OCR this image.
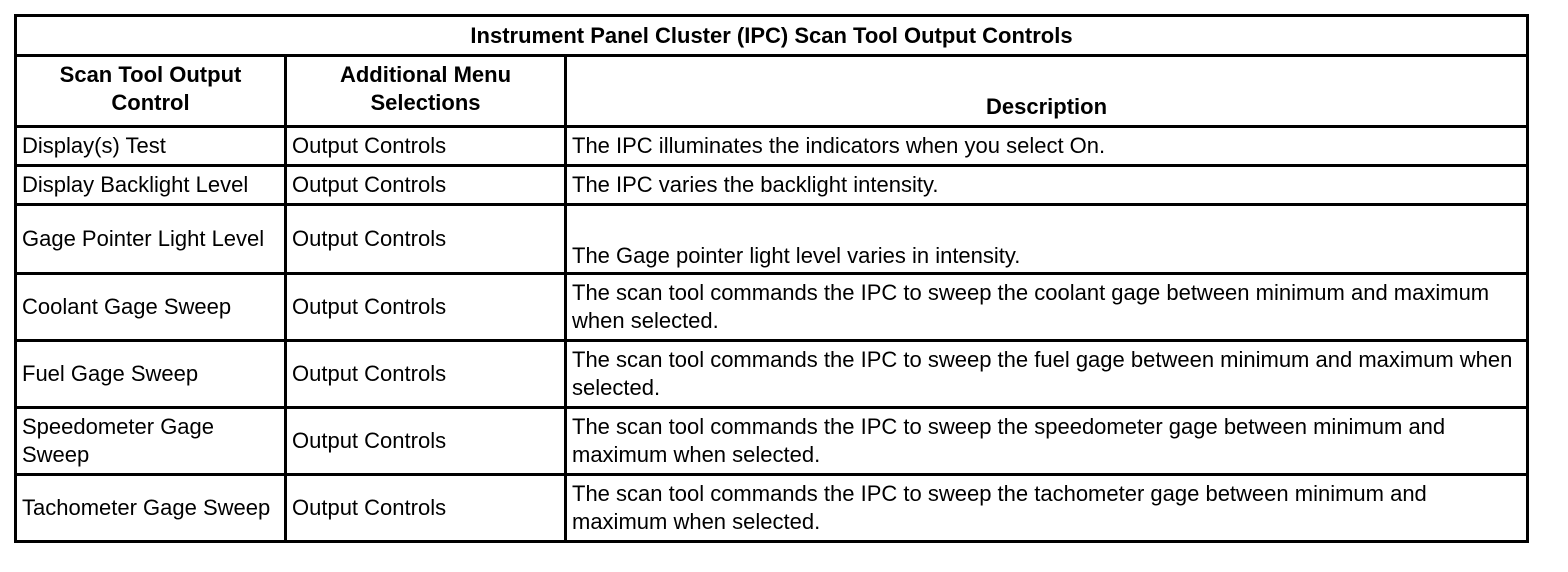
Instrument Panel Cluster (IPC) Scan Tool Output Controls		
Scan Tool Output Control	Additional Menu Selections	Description
Display(s) Test	Output Controls	The IPC illuminates the indicators when you select On.
Display Backlight Level	Output Controls	The IPC varies the backlight intensity.
Gage Pointer Light Level	Output Controls	The Gage pointer light level varies in intensity.
Coolant Gage Sweep	Output Controls	The scan tool commands the IPC to sweep the coolant gage between minimum and maximum when selected.
Fuel Gage Sweep	Output Controls	The scan tool commands the IPC to sweep the fuel gage between minimum and maximum when selected.
Speedometer Gage Sweep	Output Controls	The scan tool commands the IPC to sweep the speedometer gage between minimum and maximum when selected.
Tachometer Gage Sweep	Output Controls	The scan tool commands the IPC to sweep the tachometer gage between minimum and maximum when selected.
